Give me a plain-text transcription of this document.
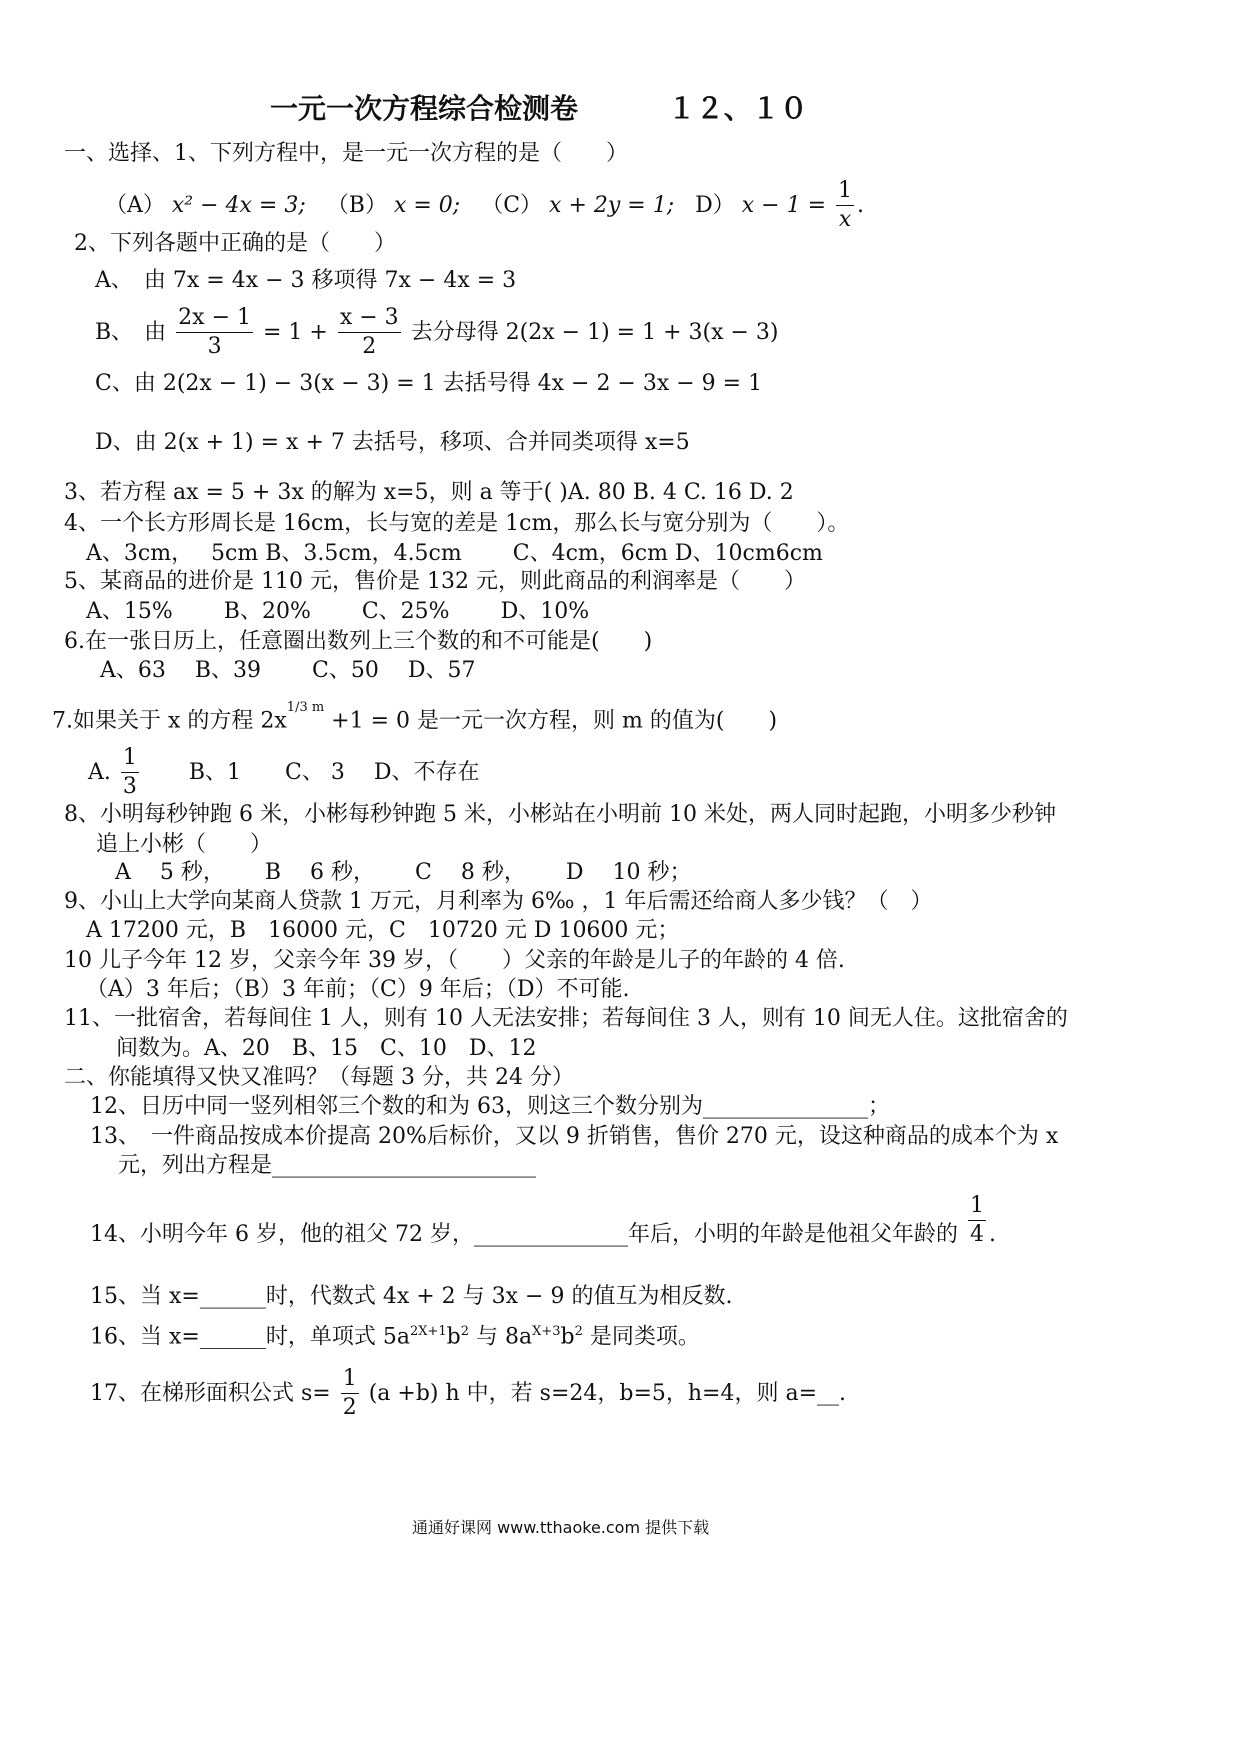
一元一次方程综合检测卷	１２、１０
一、选择、1、下列方程中，是一元一次方程的是（　　）
（A） x² − 4x = 3; （B） x = 0; （C） x + 2y = 1; D） $x - 1 = \frac{1}{x}$ .
2、下列各题中正确的是（　　）
A、　由 7x = 4x − 3 移项得 7x − 4x = 3
B、　由 $\frac{2x - 1}{3} = 1 + \frac{x - 3}{2}$ 去分母得 2(2x − 1) = 1 + 3(x − 3)
C、由 2(2x − 1) − 3(x − 3) = 1 去括号得 4x − 2 − 3x − 9 = 1
D、由 2(x + 1) = x + 7 去括号，移项、合并同类项得 x=5
3、若方程 ax = 5 + 3x 的解为 x=5，则 a 等于( )A. 80 B. 4 C. 16 D. 2
4、一个长方形周长是 16cm，长与宽的差是 1cm，那么长与宽分别为（　　）。
A、3cm，　 5cm B、3.5cm，4.5cm　　 C、4cm，6cm D、10cm6cm
5、某商品的进价是 110 元，售价是 132 元，则此商品的利润率是（　　）
A、15%　　 B、20%　　 C、25%　　 D、10%
6.在一张日历上，任意圈出数列上三个数的和不可能是(　　)
A、63　 B、39　　 C、50　 D、57
7.如果关于 x 的方程 $2x^{1/3 m} +1 = 0$ 是一元一次方程，则 m 的值为(　　)
A. $\frac{1}{3}$ B、1　　C、 3　 D、不存在
8、小明每秒钟跑 6 米，小彬每秒钟跑 5 米，小彬站在小明前 10 米处，两人同时起跑，小明多少秒钟
追上小彬（　　）
A　 5 秒，　　 B　 6 秒，　　 C　 8 秒，　　 D　 10 秒；
9、小山上大学向某商人贷款 1 万元，月利率为 6‰ ，1 年后需还给商人多少钱？（　）
A 17200 元，B　16000 元，C　10720 元 D 10600 元；
10 儿子今年 12 岁，父亲今年 39 岁，（　　）父亲的年龄是儿子的年龄的 4 倍.
（A）3 年后；（B）3 年前；（C）9 年后；（D）不可能.
11、一批宿舍，若每间住 1 人，则有 10 人无法安排；若每间住 3 人，则有 10 间无人住。这批宿舍的
间数为。A、20　B、15　C、10　D、12
二、你能填得又快又准吗？（每题 3 分，共 24 分）
12、日历中同一竖列相邻三个数的和为 63，则这三个数分别为_______________；
13、　一件商品按成本价提高 20%后标价，又以 9 折销售，售价 270 元，设这种商品的成本个为 x
元，列出方程是________________________
14、小明今年 6 岁，他的祖父 72 岁，______________年后，小明的年龄是他祖父年龄的 $\frac{1}{4}$ .
15、当 x=______时，代数式 4x + 2 与 3x − 9 的值互为相反数.
16、当 x=______时，单项式 $5a^{2X+1}b^2$ 与 $8a^{X+3}b^2$ 是同类项。
17、在梯形面积公式 $s= \frac{1}{2} (a +b)$ h 中，若 s=24，b=5，h=4，则 a=__.
通通好课网 www.tthaoke.com 提供下载
